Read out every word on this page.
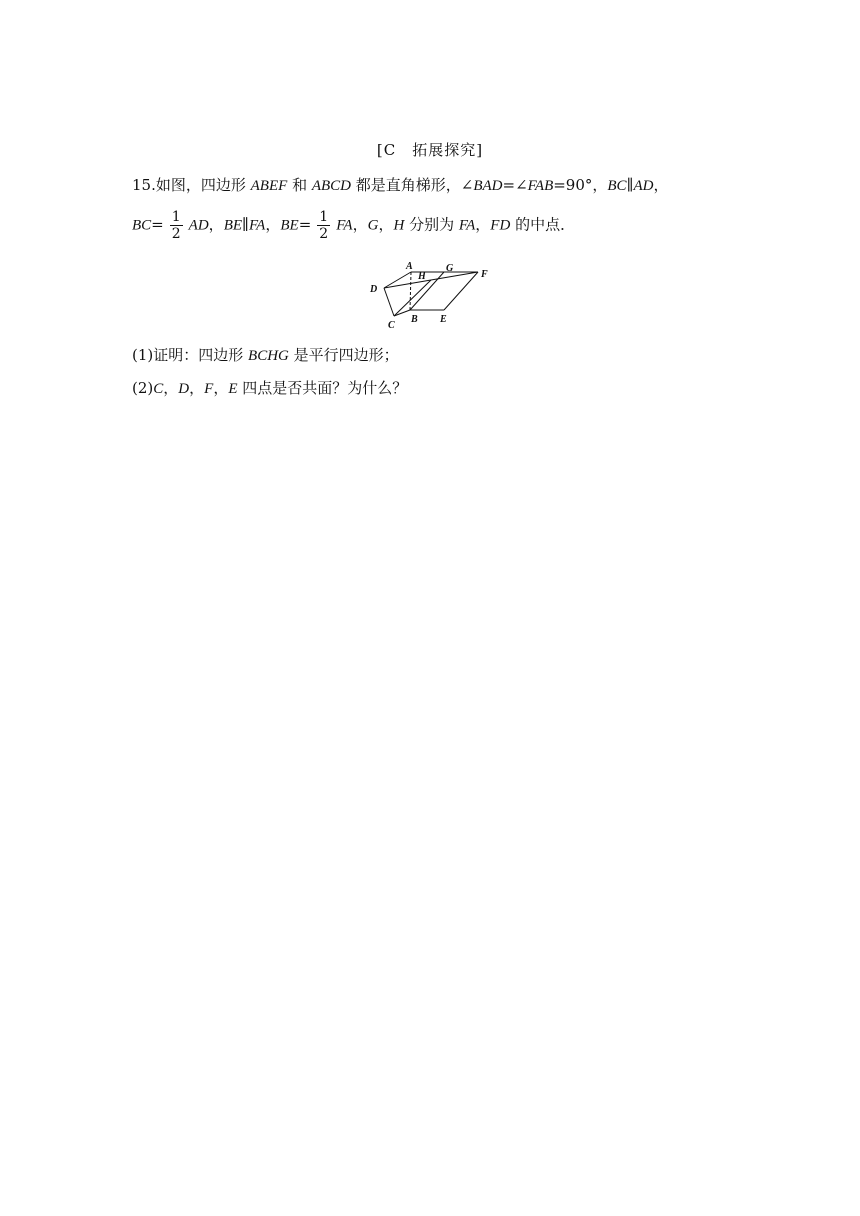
[C　拓展探究]
15.如图，四边形 ABEF 和 ABCD 都是直角梯形，∠BAD=∠FAB=90°，BC∥AD，
$BC= \frac{1}{2}$ AD，BE∥FA，$BE= \frac{1}{2}$ FA，G，H 分别为 FA，FD 的中点．
A
H
G
F
D
B
C
E
(1)证明：四边形 BCHG 是平行四边形；
(2)C，D，F，E 四点是否共面？为什么？
